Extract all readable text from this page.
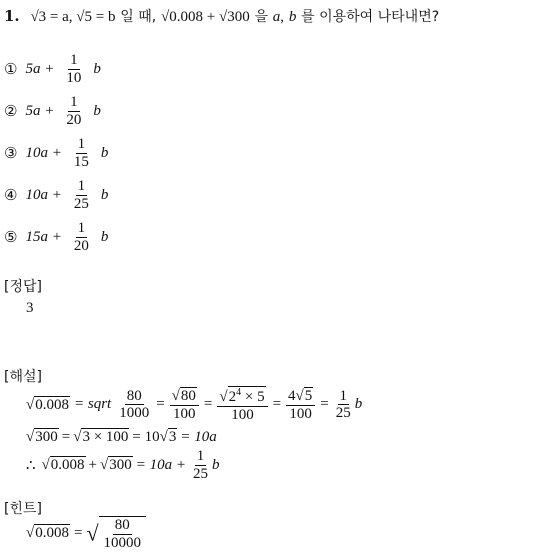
1. √3 = a, √5 = b 일 때, √0.008 + √300 을 a, b 를 이용하여 나타내면?
① $5a + \frac{1}{10}$ b
② $5a + \frac{1}{20}$ b
③ $10a + \frac{1}{15}$ b
④ $10a + \frac{1}{25}$ b
⑤ $15a + \frac{1}{20}$ b
[정답]
3
[해설]
√0.008 = sqrt $\frac{80}{1000} = \frac{√80}{100} = \frac{√2^4 \times 5}{100} = \frac{4√5}{100} = \frac{1}{25}$ b
√300 = √3 × 100 = 10 √3 = 10a
∴ $√0.008 + √300 = 10a + \frac{1}{25}$ b
[힌트]
√0.008 = √ $\frac{80}{10000}$
